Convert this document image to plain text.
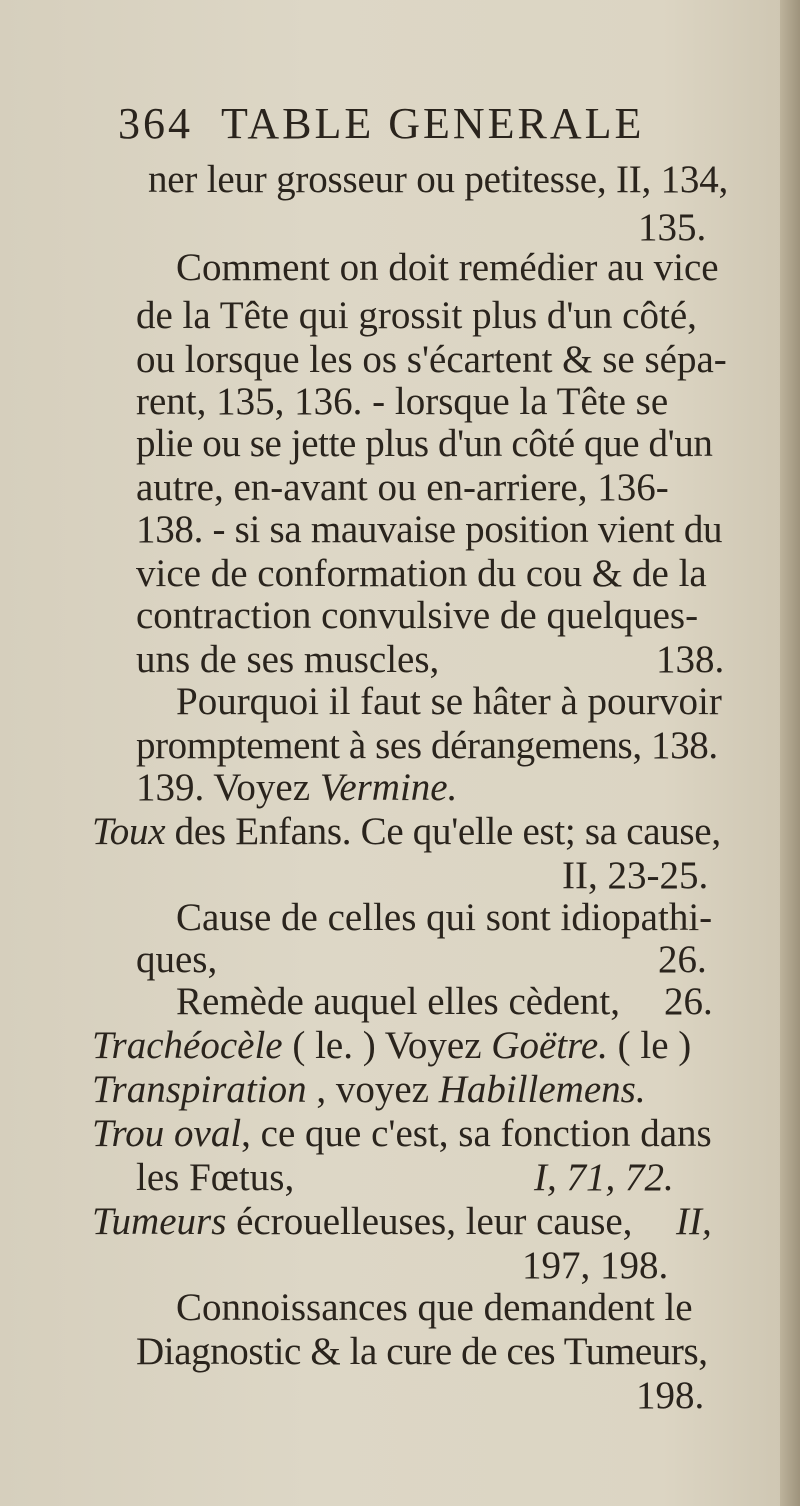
364 TABLE GENERALE
ner leur grosseur ou petitesse, II, 134,
135.
Comment on doit remédier au vice
de la Tête qui grossit plus d'un côté,
ou lorsque les os s'écartent & se sépa-
rent, 135, 136. - lorsque la Tête se
plie ou se jette plus d'un côté que d'un
autre, en-avant ou en-arriere, 136-
138. - si sa mauvaise position vient du
vice de conformation du cou & de la
contraction convulsive de quelques-
uns de ses muscles,	138.
Pourquoi il faut se hâter à pourvoir
promptement à ses dérangemens, 138.
139. Voyez Vermine.
Toux des Enfans. Ce qu'elle est; sa cause,
II, 23-25.
Cause de celles qui sont idiopathi-
ques,	26.
Remède auquel elles cèdent, 26.
Trachéocèle ( le. ) Voyez Goëtre. ( le )
Transpiration , voyez Habillemens.
Trou oval, ce que c'est, sa fonction dans
les Fœtus,	I, 71, 72.
Tumeurs écrouelleuses, leur cause, II,
197, 198.
Connoissances que demandent le
Diagnostic & la cure de ces Tumeurs,
198.
